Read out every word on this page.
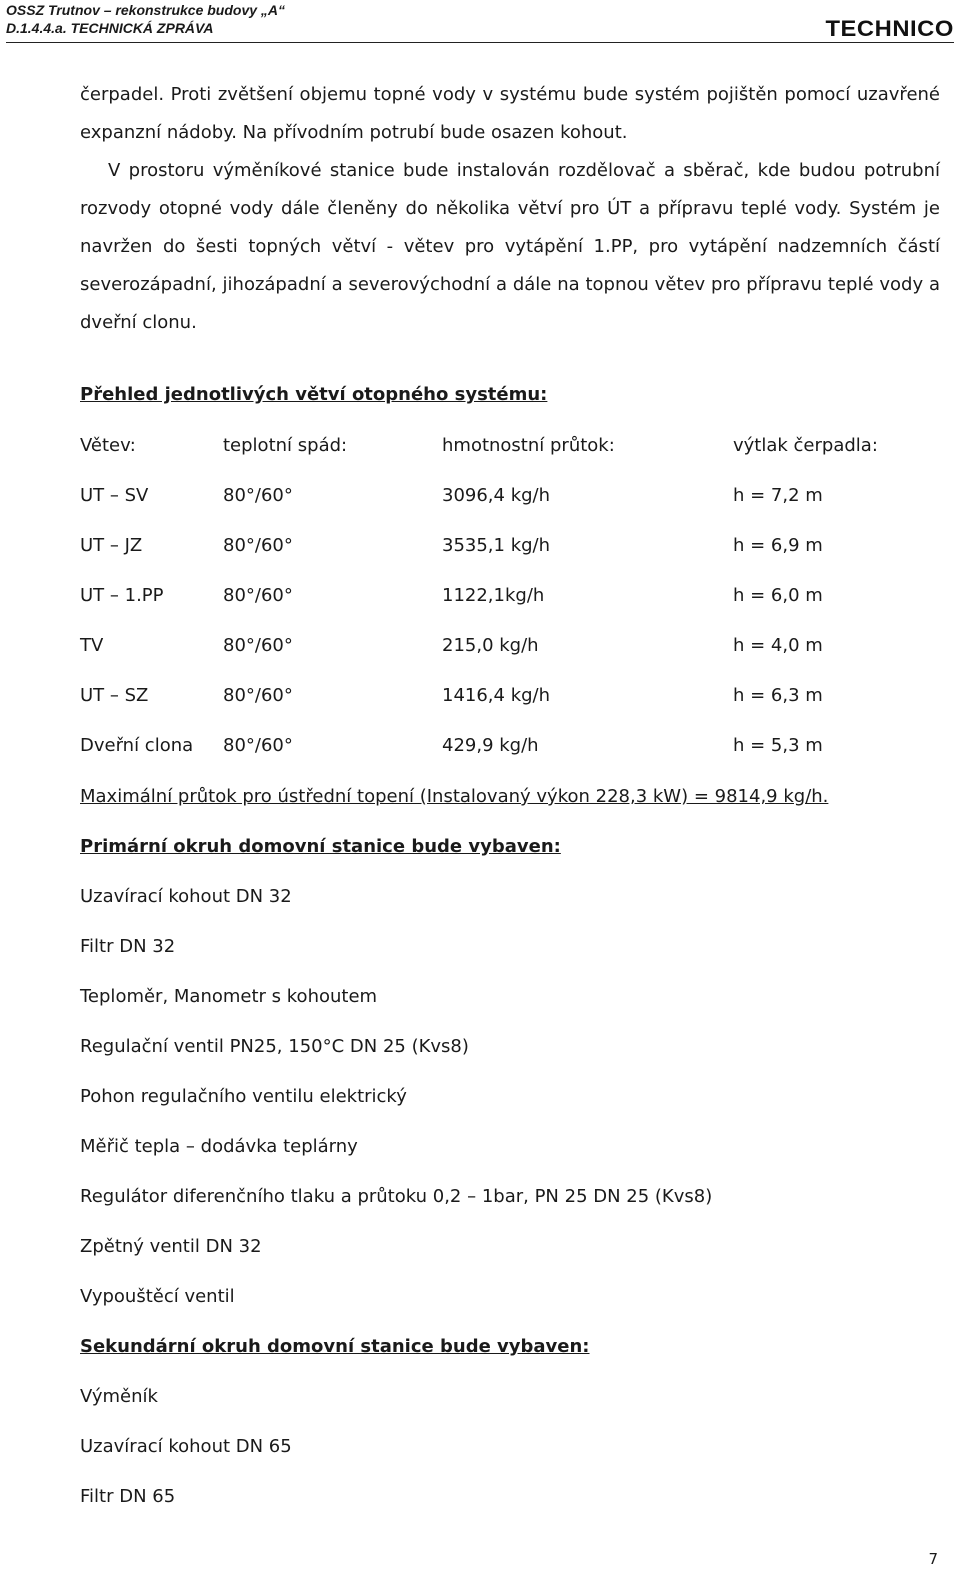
OSSZ Trutnov – rekonstrukce budovy „A“
D.1.4.4.a. TECHNICKÁ ZPRÁVA	TECHNICO

čerpadel. Proti zvětšení objemu topné vody v systému bude systém pojištěn pomocí uzavřené expanzní nádoby. Na přívodním potrubí bude osazen kohout.

V prostoru výměníkové stanice bude instalován rozdělovač a sběrač, kde budou potrubní rozvody otopné vody dále členěny do několika větví pro ÚT a přípravu teplé vody. Systém je navržen do šesti topných větví - větev pro vytápění 1.PP, pro vytápění nadzemních částí severozápadní, jihozápadní a severovýchodní a dále na topnou větev pro přípravu teplé vody a dveřní clonu.

Přehled jednotlivých větví otopného systému:
Větev:	teplotní spád:	hmotnostní průtok:	výtlak čerpadla:
UT – SV	80°/60°	3096,4 kg/h	h = 7,2 m
UT – JZ	80°/60°	3535,1 kg/h	h = 6,9 m
UT – 1.PP	80°/60°	1122,1kg/h	h = 6,0 m
TV	80°/60°	215,0 kg/h	h = 4,0 m
UT – SZ	80°/60°	1416,4 kg/h	h = 6,3 m
Dveřní clona 80°/60°	429,9 kg/h	h = 5,3 m
Maximální průtok pro ústřední topení (Instalovaný výkon 228,3 kW) = 9814,9 kg/h.
Primární okruh domovní stanice bude vybaven:
Uzavírací kohout DN 32
Filtr DN 32
Teploměr, Manometr s kohoutem
Regulační ventil PN25, 150°C DN 25 (Kvs8)
Pohon regulačního ventilu elektrický
Měřič tepla – dodávka teplárny
Regulátor diferenčního tlaku a průtoku 0,2 – 1bar, PN 25 DN 25 (Kvs8)
Zpětný ventil DN 32
Vypouštěcí ventil
Sekundární okruh domovní stanice bude vybaven:
Výměník
Uzavírací kohout DN 65
Filtr DN 65
7
